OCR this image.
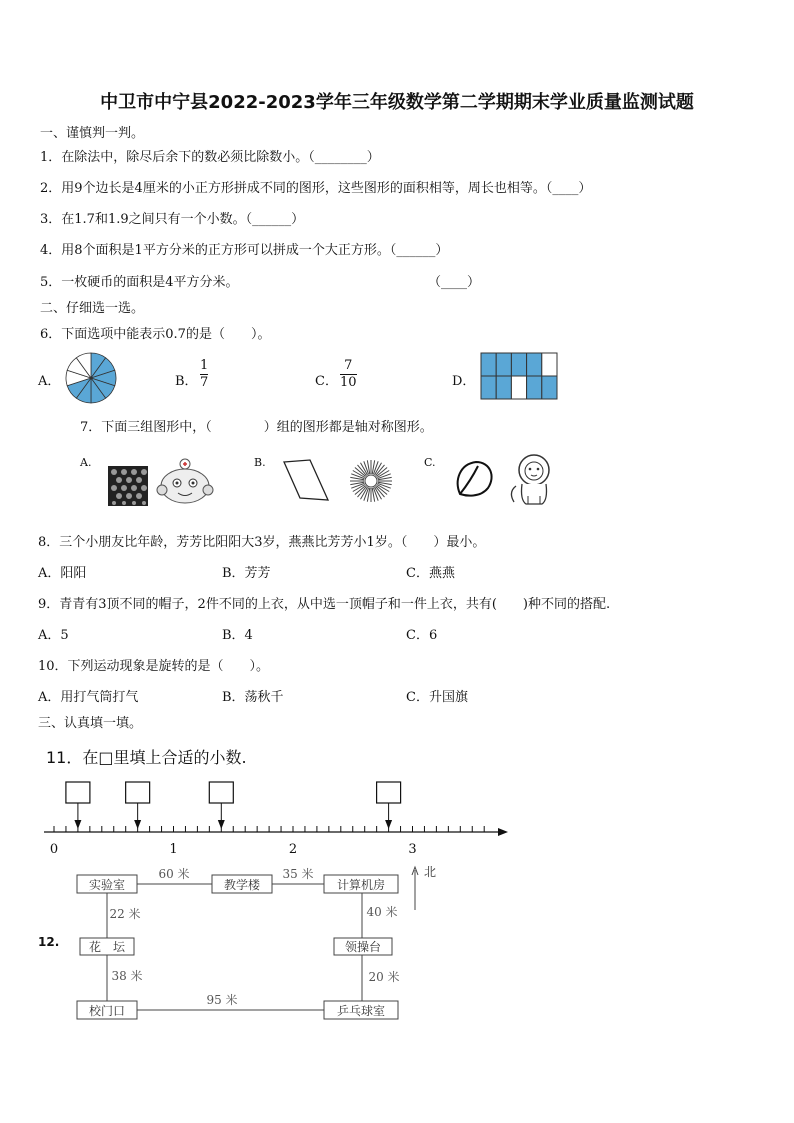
中卫市中宁县2022-2023学年三年级数学第二学期期末学业质量监测试题
一、谨慎判一判。
1．在除法中，除尽后余下的数必须比除数小。（________）
2．用9个边长是4厘米的小正方形拼成不同的图形，这些图形的面积相等，周长也相等。（____）
3．在1.7和1.9之间只有一个小数。（______）
4．用8个面积是1平方分米的正方形可以拼成一个大正方形。（______）
5．一枚硬币的面积是4平方分米。	（____）
二、仔细选一选。
6．下面选项中能表示0.7的是（　　）。
A．	B． $\frac{1}{7}$	C． $\frac{7}{10}$	D．
7．下面三组图形中，（　　　　）组的图形都是轴对称图形。
A.	B.	C.
8．三个小朋友比年龄，芳芳比阳阳大3岁，燕燕比芳芳小1岁。（　　）最小。
A．阳阳	B．芳芳	C．燕燕
9．青青有3顶不同的帽子，2件不同的上衣，从中选一顶帽子和一件上衣，共有(　　)种不同的搭配.
A．5	B．4	C．6
10．下列运动现象是旋转的是（　　）。
A．用打气筒打气	B．荡秋千	C．升国旗
三、认真填一填。
11．在□里填上合适的小数.
0	1	2	3
12.
实验室	教学楼	计算机房
花　坛	领操台
校门口	乒乓球室
60 米	35 米
22 米	40 米
38 米	20 米
95 米
北
